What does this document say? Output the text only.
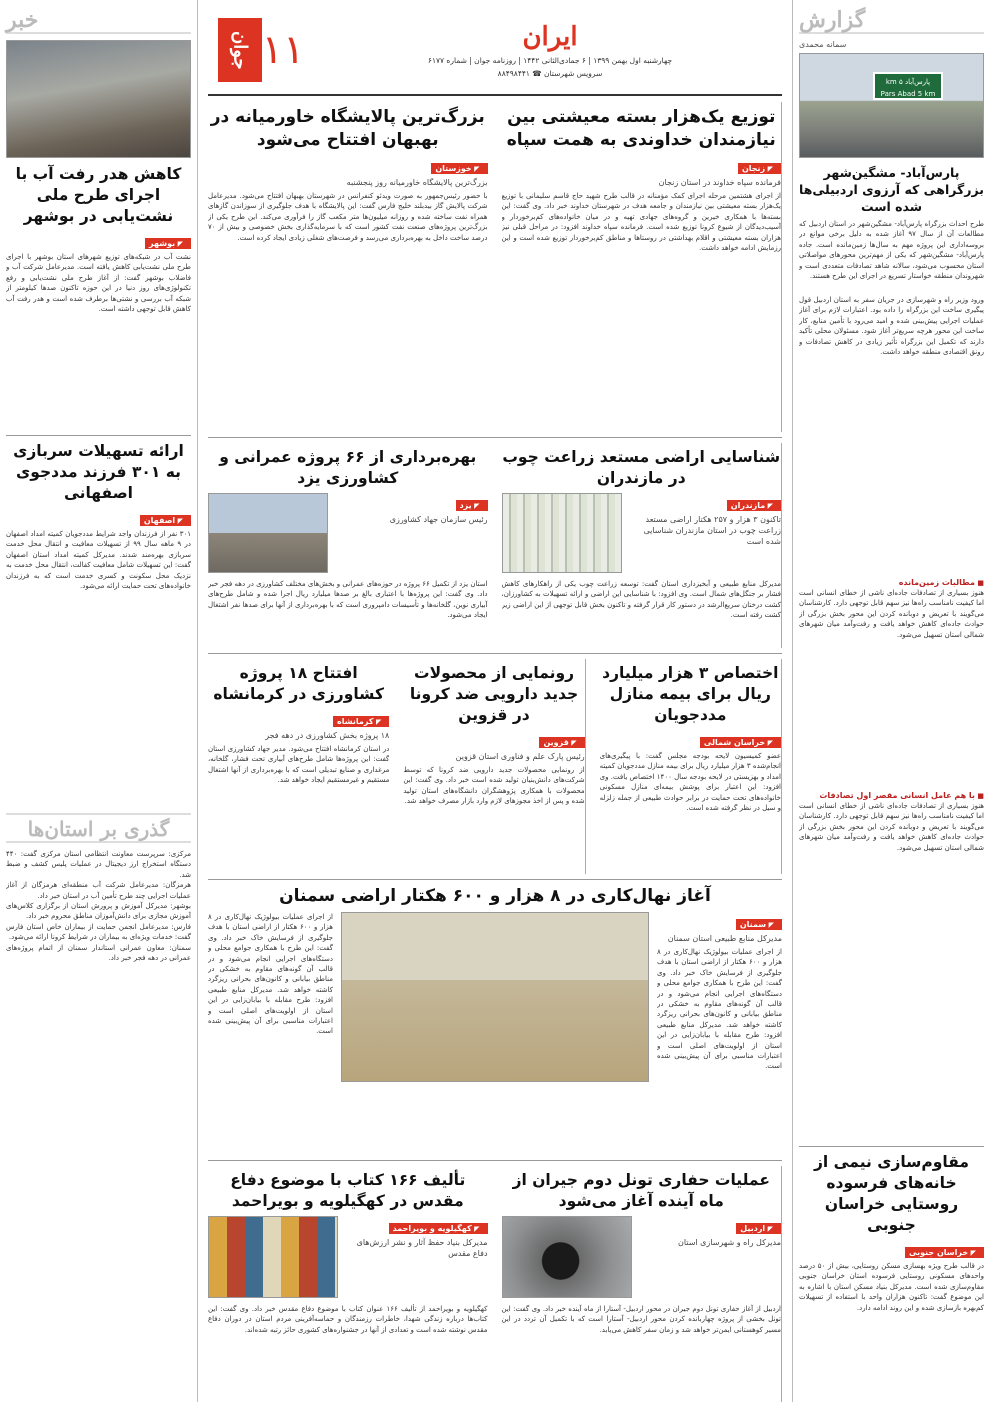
گزارش
سمانه محمدی
پارس‌آباد ۵ km
Pars Abad 5 km
پارس‌آباد- مشگین‌شهر بزرگراهی که آرزوی اردبیلی‌ها شده است
طرح احداث بزرگراه پارس‌آباد- مشگین‌شهر در استان اردبیل که مطالعات آن از سال ۹۷ آغاز شده به دلیل برخی موانع در بروسه‌اداری این پروژه مهم به سال‌ها زمین‌مانده است. جاده پارس‌آباد- مشگین‌شهر که یکی از مهم‌ترین محورهای مواصلاتی استان محسوب می‌شود، سالانه شاهد تصادفات متعددی است و شهروندان منطقه خواستار تسریع در اجرای این طرح هستند.
ورود وزیر راه و شهرسازی در جریان سفر به استان اردبیل قول پیگیری ساخت این بزرگراه را داده بود. اعتبارات لازم برای آغاز عملیات اجرایی پیش‌بینی شده و امید می‌رود با تأمین منابع، کار ساخت این محور هرچه سریع‌تر آغاز شود. مسئولان محلی تأکید دارند که تکمیل این بزرگراه تأثیر زیادی در کاهش تصادفات و رونق اقتصادی منطقه خواهد داشت.
■ مطالبات زمین‌مانده
هنوز بسیاری از تصادفات جاده‌ای ناشی از خطای انسانی است اما کیفیت نامناسب راه‌ها نیز سهم قابل توجهی دارد. کارشناسان می‌گویند با تعریض و دوبانده کردن این محور بخش بزرگی از حوادث جاده‌ای کاهش خواهد یافت و رفت‌وآمد میان شهرهای شمالی استان تسهیل می‌شود.
■ با هم عامل انسانی مقصر اول تصادفات
هنوز بسیاری از تصادفات جاده‌ای ناشی از خطای انسانی است اما کیفیت نامناسب راه‌ها نیز سهم قابل توجهی دارد. کارشناسان می‌گویند با تعریض و دوبانده کردن این محور بخش بزرگی از حوادث جاده‌ای کاهش خواهد یافت و رفت‌وآمد میان شهرهای شمالی استان تسهیل می‌شود.
مقاوم‌سازی نیمی از خانه‌های فرسوده روستایی خراسان جنوبی
◤ خراسان جنوبی
در قالب طرح ویژه بهسازی مسکن روستایی، بیش از ۵۰ درصد واحدهای مسکونی روستایی فرسوده استان خراسان جنوبی مقاوم‌سازی شده است. مدیرکل بنیاد مسکن استان با اشاره به این موضوع گفت: تاکنون هزاران واحد با استفاده از تسهیلات کم‌بهره بازسازی شده و این روند ادامه دارد.
خبر
کاهش هدر رفت آب با اجرای طرح ملی نشت‌یابی در بوشهر
◤ بوشهر
نشت آب در شبکه‌های توزیع شهرهای استان بوشهر با اجرای طرح ملی نشت‌یابی کاهش یافته است. مدیرعامل شرکت آب و فاضلاب بوشهر گفت: از آغاز طرح ملی نشت‌یابی و رفع تکنولوژی‌های روز دنیا در این حوزه تاکنون صدها کیلومتر از شبکه آب بررسی و نشتی‌ها برطرف شده است و هدر رفت آب کاهش قابل توجهی داشته است.
ارائه تسهیلات سربازی به ۳۰۱ فرزند مددجوی اصفهانی
◤ اصفهان
۳۰۱ نفر از فرزندان واجد شرایط مددجویان کمیته امداد اصفهان در ۹ ماهه سال ۹۹ از تسهیلات معافیت و انتقال محل خدمت سربازی بهره‌مند شدند. مدیرکل کمیته امداد استان اصفهان گفت: این تسهیلات شامل معافیت کفالت، انتقال محل خدمت به نزدیک محل سکونت و کسری خدمت است که به فرزندان خانواده‌های تحت حمایت ارائه می‌شود.
گذری بر استان‌ها
مرکزی: سرپرست معاونت انتظامی استان مرکزی گفت: ۴۴۰ دستگاه استخراج ارز دیجیتال در عملیات پلیس کشف و ضبط شد.
هرمزگان: مدیرعامل شرکت آب منطقه‌ای هرمزگان از آغاز عملیات اجرایی چند طرح تأمین آب در استان خبر داد.
بوشهر: مدیرکل آموزش و پرورش استان از برگزاری کلاس‌های آموزش مجازی برای دانش‌آموزان مناطق محروم خبر داد.
فارس: مدیرعامل انجمن حمایت از بیماران خاص استان فارس گفت: خدمات ویژه‌ای به بیماران در شرایط کرونا ارائه می‌شود.
سمنان: معاون عمرانی استاندار سمنان از اتمام پروژه‌های عمرانی در دهه فجر خبر داد.
ایران
چهارشنبه اول بهمن ۱۳۹۹ | ۶ جمادی‌الثانی ۱۴۴۲ | روزنامه جوان | شماره ۶۱۷۷
سرویس شهرستان ☎ ۸۸۴۹۸۴۴۱
۱۱
جوان
توزیع یک‌هزار بسته معیشتی بین نیازمندان خداوندی‌ به همت سپاه
◤ زنجان
فرمانده سپاه خداوند در استان زنجان
از اجرای هشتمین مرحله اجرای کمک مؤمنانه در قالب طرح شهید حاج قاسم سلیمانی با توزیع یک‌هزار بسته معیشتی بین نیازمندان و جامعه هدف در شهرستان خداوند خبر داد. وی گفت: این بسته‌ها با همکاری خیرین و گروه‌های جهادی تهیه و در میان خانواده‌های کم‌برخوردار و آسیب‌دیدگان از شیوع کرونا توزیع شده است. فرمانده سپاه خداوند افزود: در مراحل قبلی نیز هزاران بسته معیشتی و اقلام بهداشتی در روستاها و مناطق کم‌برخوردار توزیع شده است و این رزمایش ادامه خواهد داشت.
بزرگ‌ترین پالایشگاه خاورمیانه در بهبهان افتتاح می‌شود
◤ خوزستان
بزرگ‌ترین پالایشگاه خاورمیانه روز پنجشنبه
با حضور رئیس‌جمهور به صورت ویدئو کنفرانس در شهرستان بهبهان افتتاح می‌شود. مدیرعامل شرکت پالایش گاز بیدبلند خلیج فارس گفت: این پالایشگاه با هدف جلوگیری از سوزاندن گازهای همراه نفت ساخته شده و روزانه میلیون‌ها متر مکعب گاز را فرآوری می‌کند. این طرح یکی از بزرگ‌ترین پروژه‌های صنعت نفت کشور است که با سرمایه‌گذاری بخش خصوصی و بیش از ۷۰ درصد ساخت داخل به بهره‌برداری می‌رسد و فرصت‌های شغلی زیادی ایجاد کرده است.
شناسایی اراضی مستعد زراعت چوب در مازندران
◤ مازندران
تاکنون ۳ هزار و ۲۵۷ هکتار اراضی مستعد زراعت چوب در استان مازندران شناسایی شده است
مدیرکل منابع طبیعی و آبخیزداری استان گفت: توسعه زراعت چوب یکی از راهکارهای کاهش فشار بر جنگل‌های شمال است. وی افزود: با شناسایی این اراضی و ارائه تسهیلات به کشاورزان، کشت درختان سریع‌الرشد در دستور کار قرار گرفته و تاکنون بخش قابل توجهی از این اراضی زیر کشت رفته است.
بهره‌برداری از ۶۶ پروژه عمرانی و کشاورزی یزد
◤ یزد
رئیس سازمان جهاد کشاورزی
استان یزد از تکمیل ۶۶ پروژه در حوزه‌های عمرانی و بخش‌های مختلف کشاورزی در دهه فجر خبر داد. وی گفت: این پروژه‌ها با اعتباری بالغ بر صدها میلیارد ریال اجرا شده و شامل طرح‌های آبیاری نوین، گلخانه‌ها و تأسیسات دامپروری است که با بهره‌برداری از آنها برای صدها نفر اشتغال ایجاد می‌شود.
اختصاص ۳ هزار میلیارد ریال برای بیمه منازل مددجویان
◤ خراسان شمالی
عضو کمیسیون لایحه بودجه مجلس گفت: با پیگیری‌های انجام‌شده ۳ هزار میلیارد ریال برای بیمه منازل مددجویان کمیته امداد و بهزیستی در لایحه بودجه سال ۱۴۰۰ اختصاص یافت. وی افزود: این اعتبار برای پوشش بیمه‌ای منازل مسکونی خانواده‌های تحت حمایت در برابر حوادث طبیعی از جمله زلزله و سیل در نظر گرفته شده است.
رونمایی از محصولات جدید دارویی ضد کرونا در قزوین
◤ قزوین
رئیس پارک علم و فناوری استان قزوین
از رونمایی محصولات جدید دارویی ضد کرونا که توسط شرکت‌های دانش‌بنیان تولید شده است خبر داد. وی گفت: این محصولات با همکاری پژوهشگران دانشگاه‌های استان تولید شده و پس از اخذ مجوزهای لازم وارد بازار مصرف خواهد شد.
افتتاح ۱۸ پروژه کشاورزی در کرمانشاه
◤ کرمانشاه
۱۸ پروژه بخش کشاورزی در دهه فجر
در استان کرمانشاه افتتاح می‌شود. مدیر جهاد کشاورزی استان گفت: این پروژه‌ها شامل طرح‌های آبیاری تحت فشار، گلخانه، مرغداری و صنایع تبدیلی است که با بهره‌برداری از آنها اشتغال مستقیم و غیرمستقیم ایجاد خواهد شد.
آغاز نهال‌کاری در ۸ هزار و ۶۰۰ هکتار اراضی سمنان
◤ سمنان
مدیرکل منابع طبیعی استان سمنان
از اجرای عملیات بیولوژیک نهال‌کاری در ۸ هزار و ۶۰۰ هکتار از اراضی استان با هدف جلوگیری از فرسایش خاک خبر داد. وی گفت: این طرح با همکاری جوامع محلی و دستگاه‌های اجرایی انجام می‌شود و در قالب آن گونه‌های مقاوم به خشکی در مناطق بیابانی و کانون‌های بحرانی ریزگرد کاشته خواهد شد. مدیرکل منابع طبیعی افزود: طرح مقابله با بیابان‌زایی در این استان از اولویت‌های اصلی است و اعتبارات مناسبی برای آن پیش‌بینی شده است.
از اجرای عملیات بیولوژیک نهال‌کاری در ۸ هزار و ۶۰۰ هکتار از اراضی استان با هدف جلوگیری از فرسایش خاک خبر داد. وی گفت: این طرح با همکاری جوامع محلی و دستگاه‌های اجرایی انجام می‌شود و در قالب آن گونه‌های مقاوم به خشکی در مناطق بیابانی و کانون‌های بحرانی ریزگرد کاشته خواهد شد. مدیرکل منابع طبیعی افزود: طرح مقابله با بیابان‌زایی در این استان از اولویت‌های اصلی است و اعتبارات مناسبی برای آن پیش‌بینی شده است.
عملیات حفاری تونل دوم جیران از ماه آینده آغاز می‌شود
◤ اردبیل
مدیرکل راه و شهرسازی استان
اردبیل از آغاز حفاری تونل دوم جیران در محور اردبیل- آستارا از ماه آینده خبر داد. وی گفت: این تونل بخشی از پروژه چهاربانده کردن محور اردبیل- آستارا است که با تکمیل آن تردد در این مسیر کوهستانی ایمن‌تر خواهد شد و زمان سفر کاهش می‌یابد.
تألیف ۱۶۶ کتاب با موضوع دفاع مقدس در کهگیلویه و بویراحمد
◤ کهگیلویه و بویراحمد
مدیرکل بنیاد حفظ آثار و نشر ارزش‌های دفاع مقدس
کهگیلویه و بویراحمد از تألیف ۱۶۶ عنوان کتاب با موضوع دفاع مقدس خبر داد. وی گفت: این کتاب‌ها درباره زندگی شهدا، خاطرات رزمندگان و حماسه‌آفرینی مردم استان در دوران دفاع مقدس نوشته شده است و تعدادی از آنها در جشنواره‌های کشوری حائز رتبه شده‌اند.
